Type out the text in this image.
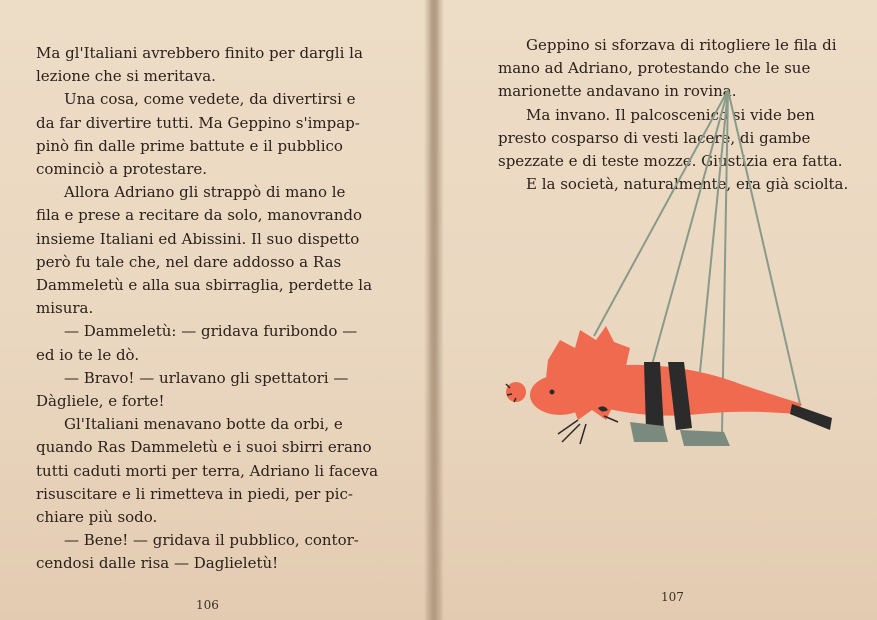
Ma gl'Italiani avrebbero finito per dargli la
lezione che si meritava.
Una cosa, come vedete, da divertirsi e
da far divertire tutti. Ma Geppino s'impap-
pinò fin dalle prime battute e il pubblico
cominciò a protestare.
Allora Adriano gli strappò di mano le
fila e prese a recitare da solo, manovrando
insieme Italiani ed Abissini. Il suo dispetto
però fu tale che, nel dare addosso a Ras
Dammeletù e alla sua sbirraglia, perdette la
misura.
— Dammeletù: — gridava furibondo —
ed io te le dò.
— Bravo! — urlavano gli spettatori —
Dàgliele, e forte!
Gl'Italiani menavano botte da orbi, e
quando Ras Dammeletù e i suoi sbirri erano
tutti caduti morti per terra, Adriano li faceva
risuscitare e li rimetteva in piedi, per pic-
chiare più sodo.
— Bene! — gridava il pubblico, contor-
cendosi dalle risa — Daglieletù!
Geppino si sforzava di ritogliere le fila di
mano ad Adriano, protestando che le sue
marionette andavano in rovina.
Ma invano. Il palcoscenico si vide ben
presto cosparso di vesti lacere, di gambe
spezzate e di teste mozze. Giustizia era fatta.
E la società, naturalmente, era già sciolta.
106
107
